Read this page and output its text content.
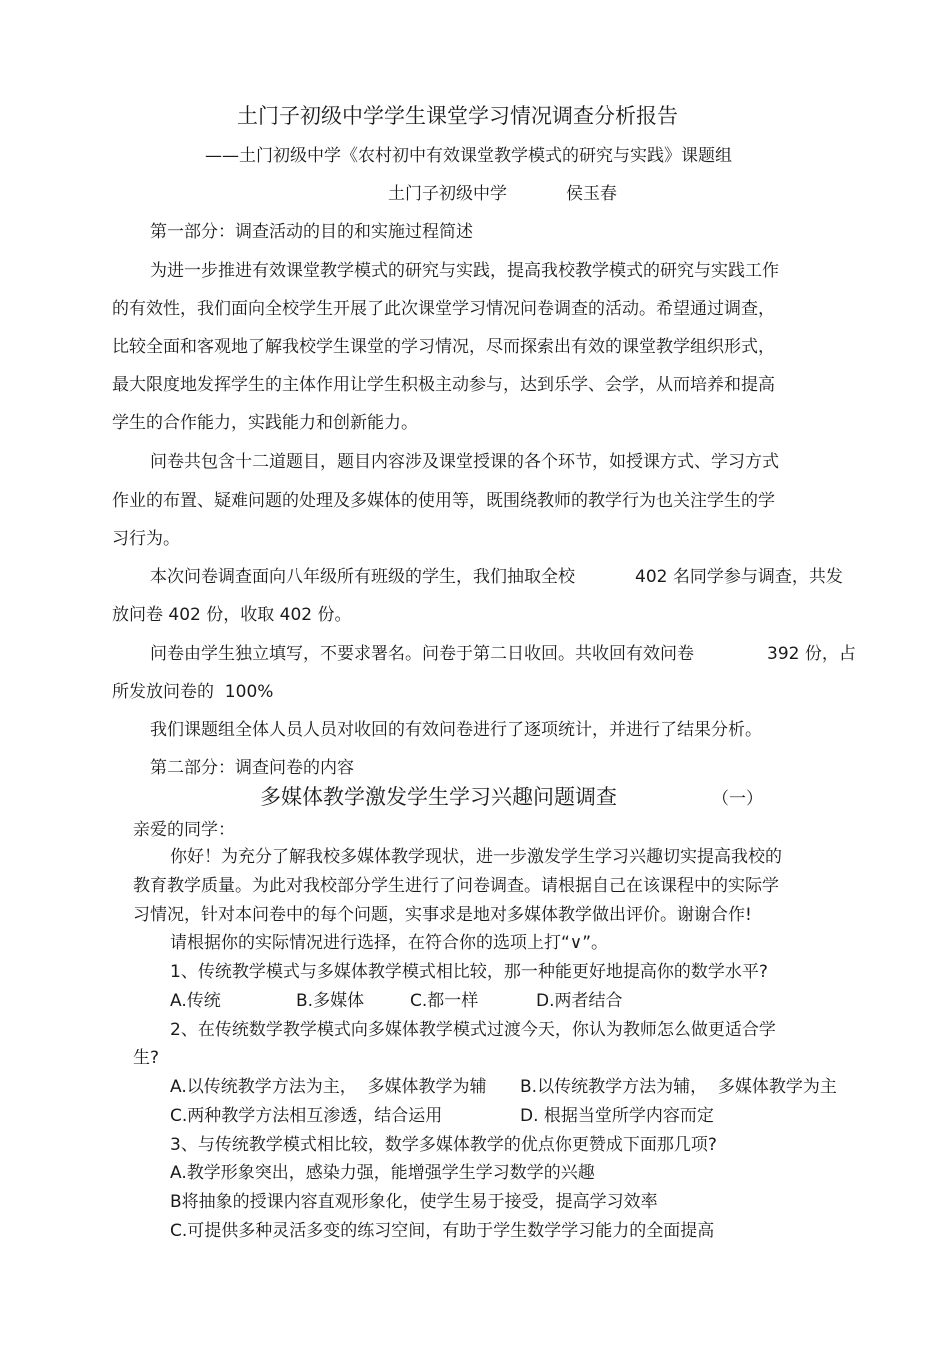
土门子初级中学学生课堂学习情况调查分析报告
——土门初级中学《农村初中有效课堂教学模式的研究与实践》课题组
土门子初级中学	侯玉春
第一部分：调查活动的目的和实施过程简述
为进一步推进有效课堂教学模式的研究与实践，提高我校教学模式的研究与实践工作
的有效性，我们面向全校学生开展了此次课堂学习情况问卷调查的活动。希望通过调查，
比较全面和客观地了解我校学生课堂的学习情况，尽而探索出有效的课堂教学组织形式，
最大限度地发挥学生的主体作用让学生积极主动参与，达到乐学、会学，从而培养和提高
学生的合作能力，实践能力和创新能力。
问卷共包含十二道题目，题目内容涉及课堂授课的各个环节，如授课方式、学习方式
作业的布置、疑难问题的处理及多媒体的使用等，既围绕教师的教学行为也关注学生的学
习行为。
本次问卷调查面向八年级所有班级的学生，我们抽取全校	402 名同学参与调查，共发
放问卷 402 份，收取 402 份。
问卷由学生独立填写，不要求署名。问卷于第二日收回。共收回有效问卷	392 份，占
所发放问卷的  100%
我们课题组全体人员人员对收回的有效问卷进行了逐项统计，并进行了结果分析。
第二部分：调查问卷的内容
多媒体教学激发学生学习兴趣问题调查	（一）
亲爱的同学：
你好！为充分了解我校多媒体教学现状，进一步激发学生学习兴趣切实提高我校的
教育教学质量。为此对我校部分学生进行了问卷调查。请根据自己在该课程中的实际学
习情况，针对本问卷中的每个问题，实事求是地对多媒体教学做出评价。谢谢合作!
请根据你的实际情况进行选择，在符合你的选项上打“∨”。
1、传统教学模式与多媒体教学模式相比较，那一种能更好地提高你的数学水平?
A.传统	B.多媒体	C.都一样	D.两者结合
2、在传统数学教学模式向多媒体教学模式过渡今天，你认为教师怎么做更适合学
生?
A.以传统教学方法为主，  多媒体教学为辅 B.以传统教学方法为辅，  多媒体教学为主
C.两种教学方法相互渗透，结合运用	D. 根据当堂所学内容而定
3、与传统教学模式相比较，数学多媒体教学的优点你更赞成下面那几项?
A.教学形象突出，感染力强，能增强学生学习数学的兴趣
B将抽象的授课内容直观形象化，使学生易于接受，提高学习效率
C.可提供多种灵活多变的练习空间，有助于学生数学学习能力的全面提高
